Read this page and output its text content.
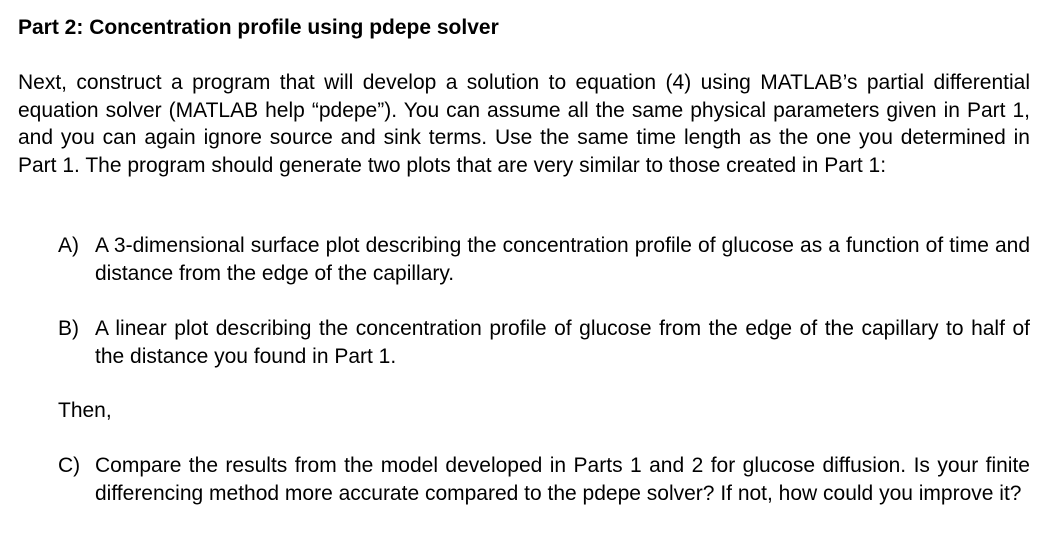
Part 2: Concentration profile using pdepe solver
Next, construct a program that will develop a solution to equation (4) using MATLAB’s partial differential equation solver (MATLAB help “pdepe”). You can assume all the same physical parameters given in Part 1, and you can again ignore source and sink terms. Use the same time length as the one you determined in Part 1. The program should generate two plots that are very similar to those created in Part 1:
A) A 3-dimensional surface plot describing the concentration profile of glucose as a function of time and distance from the edge of the capillary.
B) A linear plot describing the concentration profile of glucose from the edge of the capillary to half of the distance you found in Part 1.
Then,
C) Compare the results from the model developed in Parts 1 and 2 for glucose diffusion. Is your finite differencing method more accurate compared to the pdepe solver? If not, how could you improve it?
